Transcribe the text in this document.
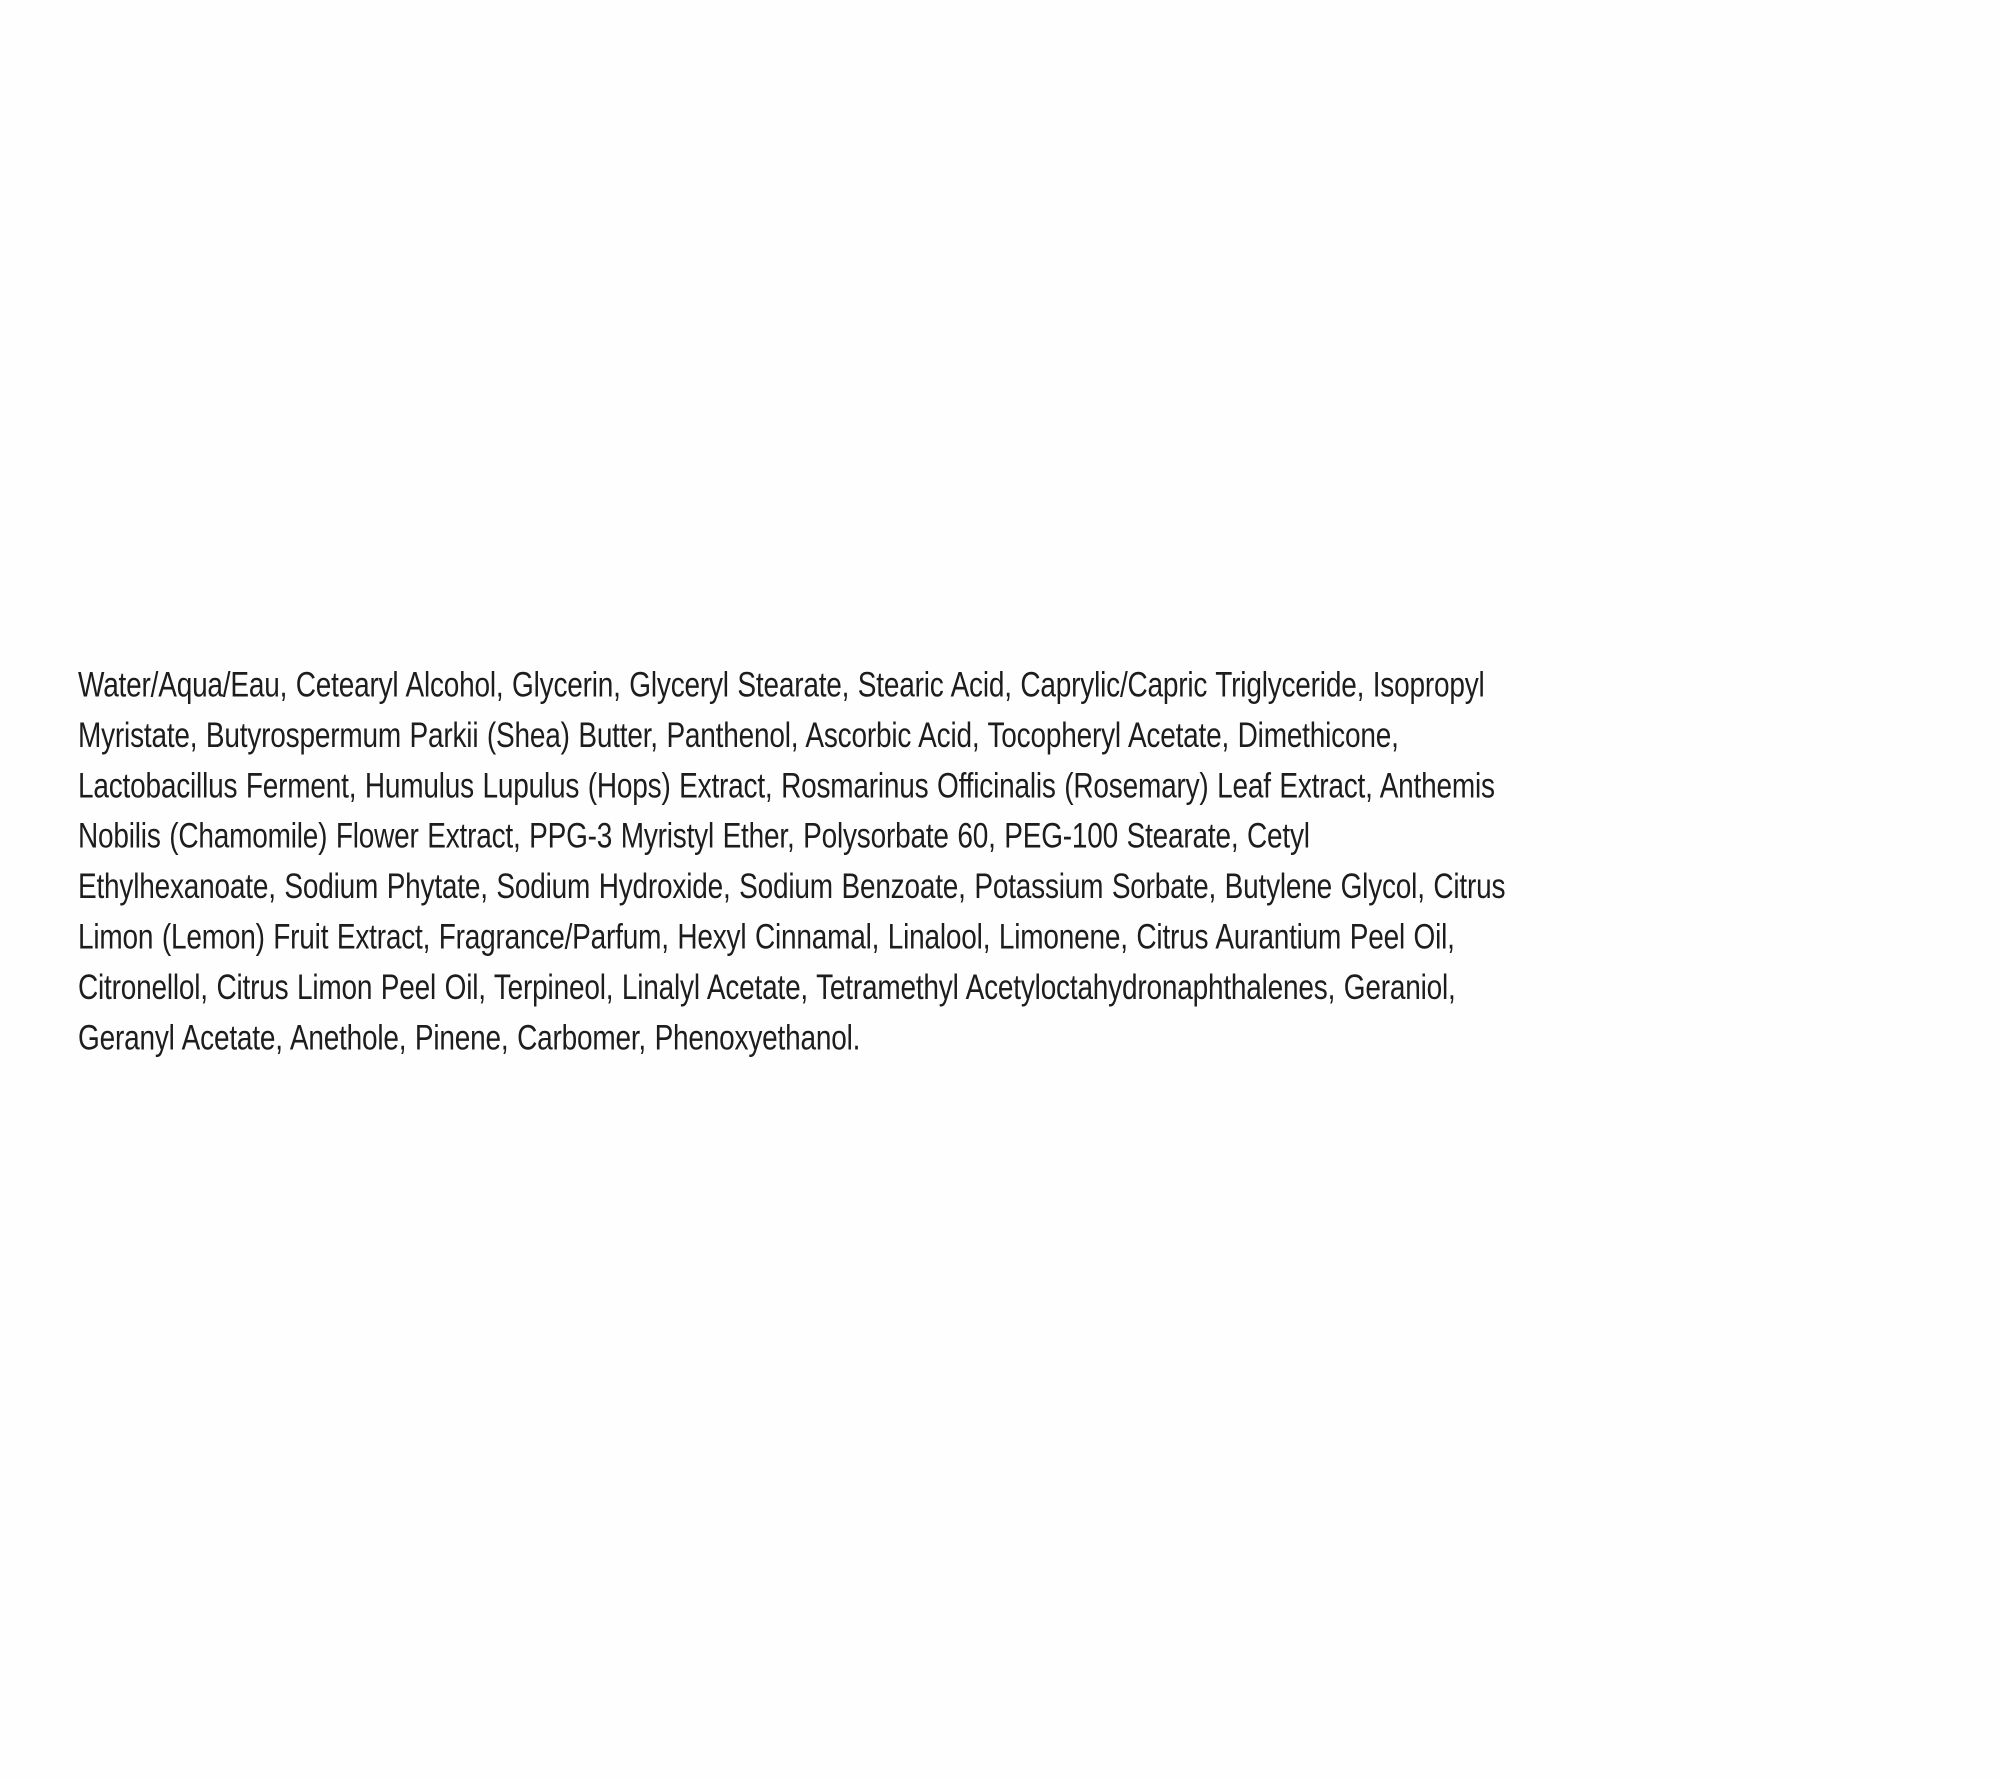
Water/Aqua/Eau, Cetearyl Alcohol, Glycerin, Glyceryl Stearate, Stearic Acid, Caprylic/Capric Triglyceride, Isopropyl Myristate, Butyrospermum Parkii (Shea) Butter, Panthenol, Ascorbic Acid, Tocopheryl Acetate, Dimethicone, Lactobacillus Ferment, Humulus Lupulus (Hops) Extract, Rosmarinus Officinalis (Rosemary) Leaf Extract, Anthemis Nobilis (Chamomile) Flower Extract, PPG-3 Myristyl Ether, Polysorbate 60, PEG-100 Stearate, Cetyl Ethylhexanoate, Sodium Phytate, Sodium Hydroxide, Sodium Benzoate, Potassium Sorbate, Butylene Glycol, Citrus Limon (Lemon) Fruit Extract, Fragrance/Parfum, Hexyl Cinnamal, Linalool, Limonene, Citrus Aurantium Peel Oil, Citronellol, Citrus Limon Peel Oil, Terpineol, Linalyl Acetate, Tetramethyl Acetyloctahydronaphthalenes, Geraniol, Geranyl Acetate, Anethole, Pinene, Carbomer, Phenoxyethanol.
